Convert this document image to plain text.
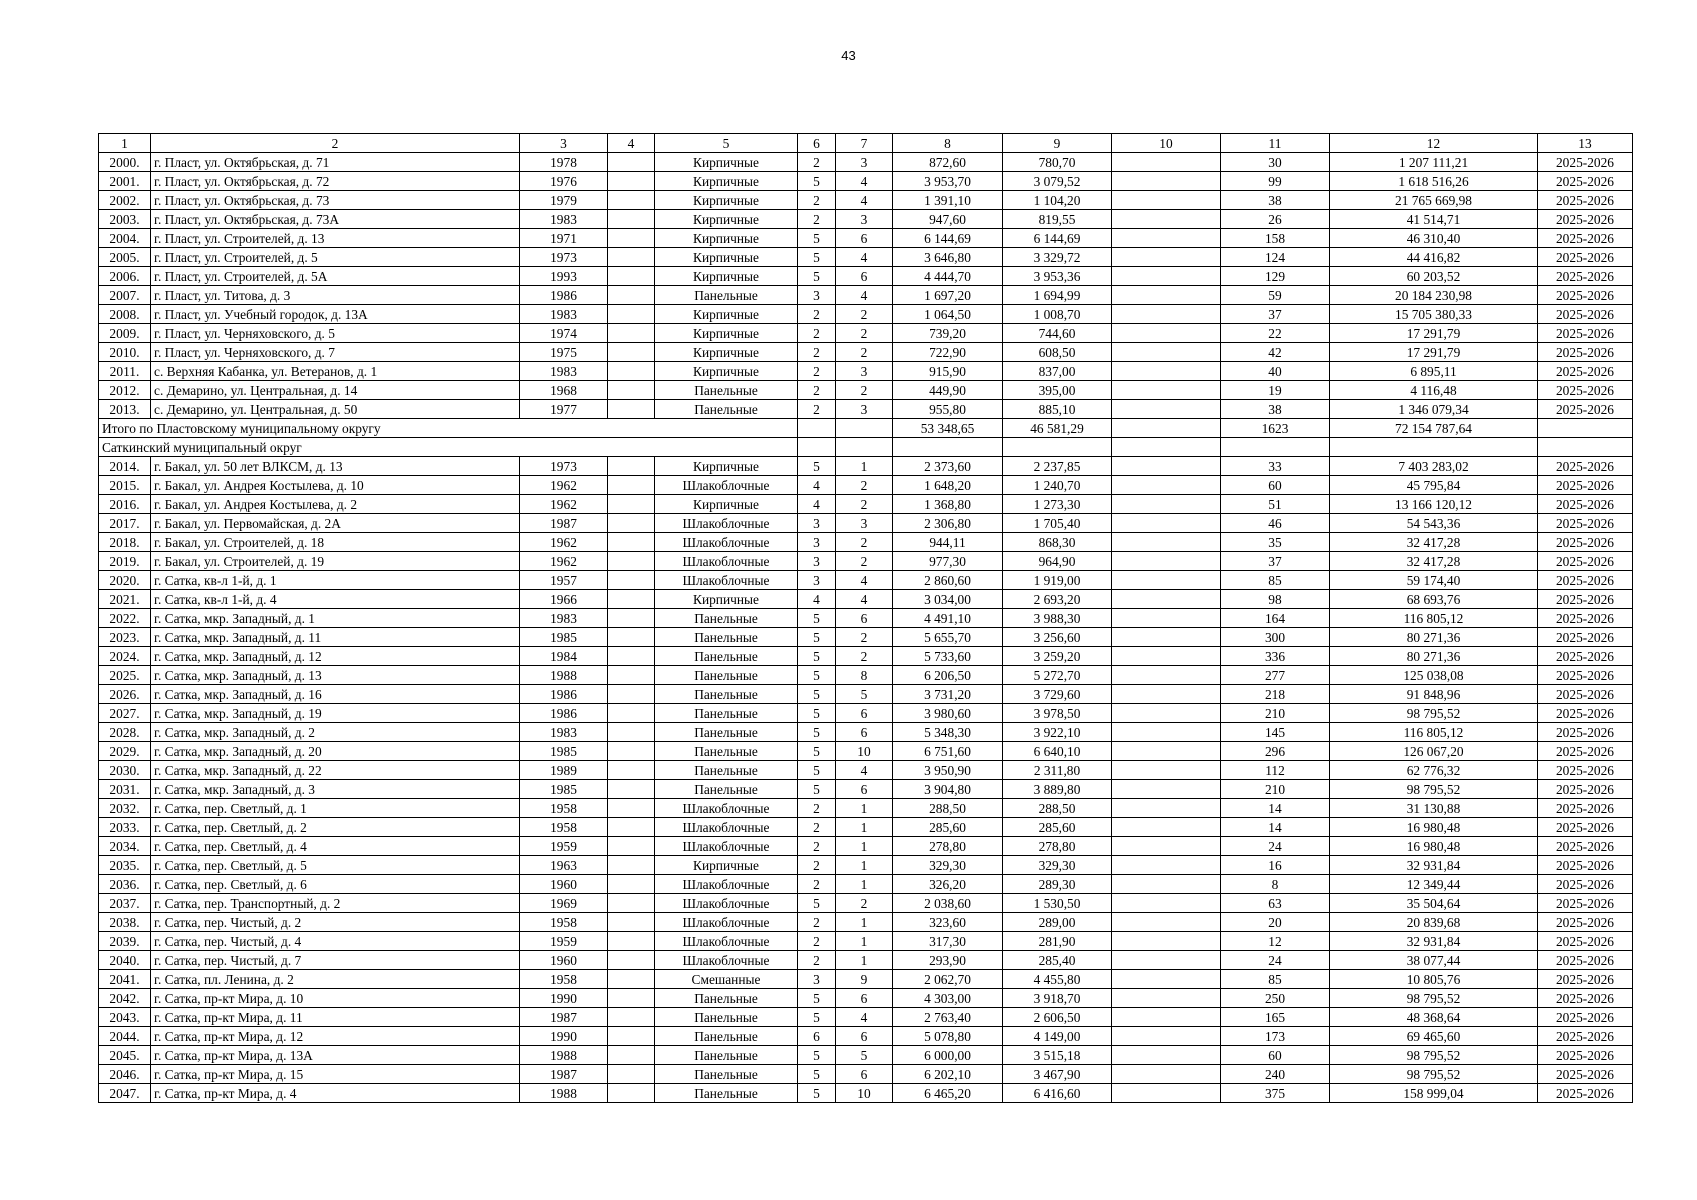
43
1	2	3	4	5	6	7	8	9	10	11	12	13
2000.	г. Пласт, ул. Октябрьская, д. 71	1978		Кирпичные	2	3	872,60	780,70		30	1 207 111,21	2025-2026
2001.	г. Пласт, ул. Октябрьская, д. 72	1976		Кирпичные	5	4	3 953,70	3 079,52		99	1 618 516,26	2025-2026
2002.	г. Пласт, ул. Октябрьская, д. 73	1979		Кирпичные	2	4	1 391,10	1 104,20		38	21 765 669,98	2025-2026
2003.	г. Пласт, ул. Октябрьская, д. 73А	1983		Кирпичные	2	3	947,60	819,55		26	41 514,71	2025-2026
2004.	г. Пласт, ул. Строителей, д. 13	1971		Кирпичные	5	6	6 144,69	6 144,69		158	46 310,40	2025-2026
2005.	г. Пласт, ул. Строителей, д. 5	1973		Кирпичные	5	4	3 646,80	3 329,72		124	44 416,82	2025-2026
2006.	г. Пласт, ул. Строителей, д. 5А	1993		Кирпичные	5	6	4 444,70	3 953,36		129	60 203,52	2025-2026
2007.	г. Пласт, ул. Титова, д. 3	1986		Панельные	3	4	1 697,20	1 694,99		59	20 184 230,98	2025-2026
2008.	г. Пласт, ул. Учебный городок, д. 13А	1983		Кирпичные	2	2	1 064,50	1 008,70		37	15 705 380,33	2025-2026
2009.	г. Пласт, ул. Черняховского, д. 5	1974		Кирпичные	2	2	739,20	744,60		22	17 291,79	2025-2026
2010.	г. Пласт, ул. Черняховского, д. 7	1975		Кирпичные	2	2	722,90	608,50		42	17 291,79	2025-2026
2011.	с. Верхняя Кабанка, ул. Ветеранов, д. 1	1983		Кирпичные	2	3	915,90	837,00		40	6 895,11	2025-2026
2012.	с. Демарино, ул. Центральная, д. 14	1968		Панельные	2	2	449,90	395,00		19	4 116,48	2025-2026
2013.	с. Демарино, ул. Центральная, д. 50	1977		Панельные	2	3	955,80	885,10		38	1 346 079,34	2025-2026
Итого по Пластовскому муниципальному округу							53 348,65	46 581,29		1623	72 154 787,64	
Саткинский муниципальный округ												
2014.	г. Бакал, ул. 50 лет ВЛКСМ, д. 13	1973		Кирпичные	5	1	2 373,60	2 237,85		33	7 403 283,02	2025-2026
2015.	г. Бакал, ул. Андрея Костылева, д. 10	1962		Шлакоблочные	4	2	1 648,20	1 240,70		60	45 795,84	2025-2026
2016.	г. Бакал, ул. Андрея Костылева, д. 2	1962		Кирпичные	4	2	1 368,80	1 273,30		51	13 166 120,12	2025-2026
2017.	г. Бакал, ул. Первомайская, д. 2А	1987		Шлакоблочные	3	3	2 306,80	1 705,40		46	54 543,36	2025-2026
2018.	г. Бакал, ул. Строителей, д. 18	1962		Шлакоблочные	3	2	944,11	868,30		35	32 417,28	2025-2026
2019.	г. Бакал, ул. Строителей, д. 19	1962		Шлакоблочные	3	2	977,30	964,90		37	32 417,28	2025-2026
2020.	г. Сатка, кв-л 1-й, д. 1	1957		Шлакоблочные	3	4	2 860,60	1 919,00		85	59 174,40	2025-2026
2021.	г. Сатка, кв-л 1-й, д. 4	1966		Кирпичные	4	4	3 034,00	2 693,20		98	68 693,76	2025-2026
2022.	г. Сатка, мкр. Западный, д. 1	1983		Панельные	5	6	4 491,10	3 988,30		164	116 805,12	2025-2026
2023.	г. Сатка, мкр. Западный, д. 11	1985		Панельные	5	2	5 655,70	3 256,60		300	80 271,36	2025-2026
2024.	г. Сатка, мкр. Западный, д. 12	1984		Панельные	5	2	5 733,60	3 259,20		336	80 271,36	2025-2026
2025.	г. Сатка, мкр. Западный, д. 13	1988		Панельные	5	8	6 206,50	5 272,70		277	125 038,08	2025-2026
2026.	г. Сатка, мкр. Западный, д. 16	1986		Панельные	5	5	3 731,20	3 729,60		218	91 848,96	2025-2026
2027.	г. Сатка, мкр. Западный, д. 19	1986		Панельные	5	6	3 980,60	3 978,50		210	98 795,52	2025-2026
2028.	г. Сатка, мкр. Западный, д. 2	1983		Панельные	5	6	5 348,30	3 922,10		145	116 805,12	2025-2026
2029.	г. Сатка, мкр. Западный, д. 20	1985		Панельные	5	10	6 751,60	6 640,10		296	126 067,20	2025-2026
2030.	г. Сатка, мкр. Западный, д. 22	1989		Панельные	5	4	3 950,90	2 311,80		112	62 776,32	2025-2026
2031.	г. Сатка, мкр. Западный, д. 3	1985		Панельные	5	6	3 904,80	3 889,80		210	98 795,52	2025-2026
2032.	г. Сатка, пер. Светлый, д. 1	1958		Шлакоблочные	2	1	288,50	288,50		14	31 130,88	2025-2026
2033.	г. Сатка, пер. Светлый, д. 2	1958		Шлакоблочные	2	1	285,60	285,60		14	16 980,48	2025-2026
2034.	г. Сатка, пер. Светлый, д. 4	1959		Шлакоблочные	2	1	278,80	278,80		24	16 980,48	2025-2026
2035.	г. Сатка, пер. Светлый, д. 5	1963		Кирпичные	2	1	329,30	329,30		16	32 931,84	2025-2026
2036.	г. Сатка, пер. Светлый, д. 6	1960		Шлакоблочные	2	1	326,20	289,30		8	12 349,44	2025-2026
2037.	г. Сатка, пер. Транспортный, д. 2	1969		Шлакоблочные	5	2	2 038,60	1 530,50		63	35 504,64	2025-2026
2038.	г. Сатка, пер. Чистый, д. 2	1958		Шлакоблочные	2	1	323,60	289,00		20	20 839,68	2025-2026
2039.	г. Сатка, пер. Чистый, д. 4	1959		Шлакоблочные	2	1	317,30	281,90		12	32 931,84	2025-2026
2040.	г. Сатка, пер. Чистый, д. 7	1960		Шлакоблочные	2	1	293,90	285,40		24	38 077,44	2025-2026
2041.	г. Сатка, пл. Ленина, д. 2	1958		Смешанные	3	9	2 062,70	4 455,80		85	10 805,76	2025-2026
2042.	г. Сатка, пр-кт Мира, д. 10	1990		Панельные	5	6	4 303,00	3 918,70		250	98 795,52	2025-2026
2043.	г. Сатка, пр-кт Мира, д. 11	1987		Панельные	5	4	2 763,40	2 606,50		165	48 368,64	2025-2026
2044.	г. Сатка, пр-кт Мира, д. 12	1990		Панельные	6	6	5 078,80	4 149,00		173	69 465,60	2025-2026
2045.	г. Сатка, пр-кт Мира, д. 13А	1988		Панельные	5	5	6 000,00	3 515,18		60	98 795,52	2025-2026
2046.	г. Сатка, пр-кт Мира, д. 15	1987		Панельные	5	6	6 202,10	3 467,90		240	98 795,52	2025-2026
2047.	г. Сатка, пр-кт Мира, д. 4	1988		Панельные	5	10	6 465,20	6 416,60		375	158 999,04	2025-2026
